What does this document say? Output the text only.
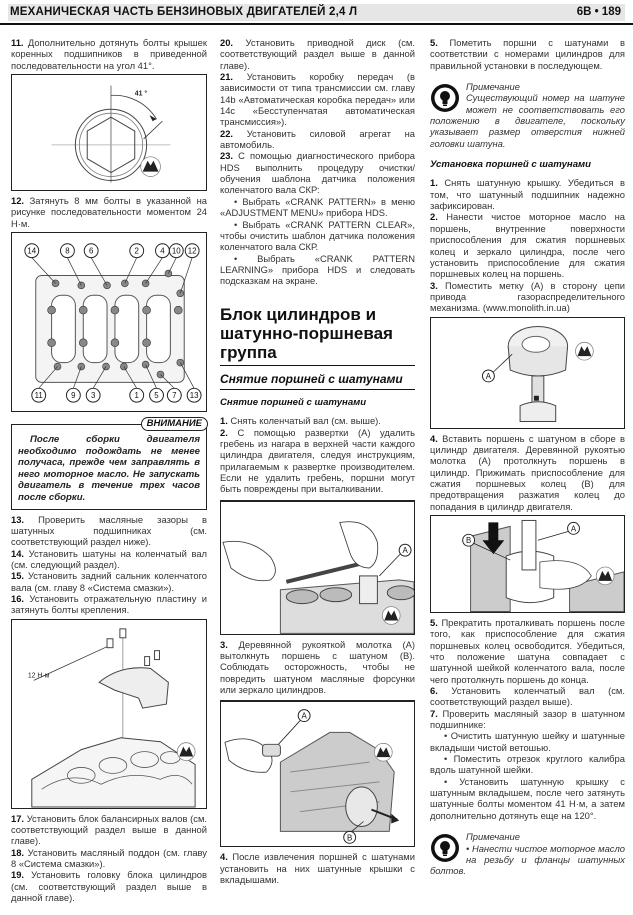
МЕХАНИЧЕСКАЯ ЧАСТЬ БЕНЗИНОВЫХ ДВИГАТЕЛЕЙ 2,4 Л	6B • 189

11. Дополнительно дотянуть болты крышек коренных подшипников в приведенной последовательности на угол 41°.

41 °

12. Затянуть 8 мм болты в указанной на рисунке последовательности моментом 24 Н·м.

14	8 6	2	4 10 12
11	9 3	1 5 7 13
ВНИМАНИЕ
После сборки двигателя необходимо подождать не менее получаса, прежде чем заправлять в него моторное масло. Не запускать двигатель в течение трех часов после сборки.

13. Проверить масляные зазоры в шатунных подшипниках (см. соответствующий раздел ниже).

14. Установить шатуны на коленчатый вал (см. следующий раздел).

15. Установить задний сальник коленчатого вала (см. главу 8 «Система смазки»).

16. Установить отражательную пластину и затянуть болты крепления.

12 Н·м

17. Установить блок балансирных валов (см. соответствующий раздел выше в данной главе).

18. Установить масляный поддон (см. главу 8 «Система смазки»).

19. Установить головку блока цилиндров (см. соответствующий раздел выше в данной главе).

20. Установить приводной диск (см. соответствующий раздел выше в данной главе).

21. Установить коробку передач (в зависимости от типа трансмиссии см. главу 14b «Автоматическая коробка передач» или 14с «Бесступенчатая автоматическая трансмиссия»).

22. Установить силовой агрегат на автомобиль.

23. С помощью диагностического прибора HDS выполнить процедуру очистки/обучения шаблона датчика положения коленчатого вала СКР:

• Выбрать «CRANK PATTERN» в меню «ADJUSTMENT MENU» прибора HDS.

• Выбрать «CRANK PATTERN CLEAR», чтобы очистить шаблон датчика положения коленчатого вала СКР.

• Выбрать «CRANK PATTERN LEARNING» прибора HDS и следовать подсказкам на экране.

Блок цилиндров и шатунно-поршневая группа
Снятие поршней с шатунами
Снятие поршней с шатунами

1. Снять коленчатый вал (см. выше).

2. С помощью развертки (А) удалить гребень из нагара в верхней части каждого цилиндра двигателя, следуя инструкциям, прилагаемым к развертке производителем. Если не удалить гребень, поршни могут быть повреждены при выталкивании.

A

3. Деревянной рукояткой молотка (А) вытолкнуть поршень с шатуном (В). Соблюдать осторожность, чтобы не повредить шатуном масляные форсунки или зеркало цилиндров.

A
B

4. После извлечения поршней с шатунами установить на них шатунные крышки с вкладышами.

5. Пометить поршни с шатунами в соответствии с номерами цилиндров для правильной установки в последующем.

Примечание
Существующий номер на шатуне может не соответствовать его положению в двигателе, поскольку указывает размер отверстия нижней головки шатуна.
Установка поршней с шатунами

1. Снять шатунную крышку. Убедиться в том, что шатунный подшипник надежно зафиксирован.

2. Нанести чистое моторное масло на поршень, внутренние поверхности приспособления для сжатия поршневых колец и зеркало цилиндра, после чего установить приспособление для сжатия поршневых колец на поршень.

3. Поместить метку (А) в сторону цепи привода газораспределительного механизма. (www.monolith.in.ua)

A

4. Вставить поршень с шатуном в сборе в цилиндр двигателя. Деревянной рукоятью молотка (А) протолкнуть поршень в цилиндр. Прижимать приспособление для сжатия поршневых колец (В) для предотвращения разжатия колец до попадания в цилиндр двигателя.

B
A

5. Прекратить проталкивать поршень после того, как приспособление для сжатия поршневых колец освободится. Убедиться, что положение шатуна совпадает с шатунной шейкой коленчатого вала, после чего протолкнуть поршень до конца.

6. Установить коленчатый вал (см. соответствующий раздел выше).

7. Проверить масляный зазор в шатунном подшипнике:

• Очистить шатунную шейку и шатунные вкладыши чистой ветошью.

• Поместить отрезок круглого калибра вдоль шатунной шейки.

• Установить шатунную крышку с шатунным вкладышем, после чего затянуть шатунные болты моментом 41 Н·м, а затем дополнительно дотянуть еще на 120°.

Примечание
• Нанести чистое моторное масло на резьбу и фланцы шатунных болтов.
